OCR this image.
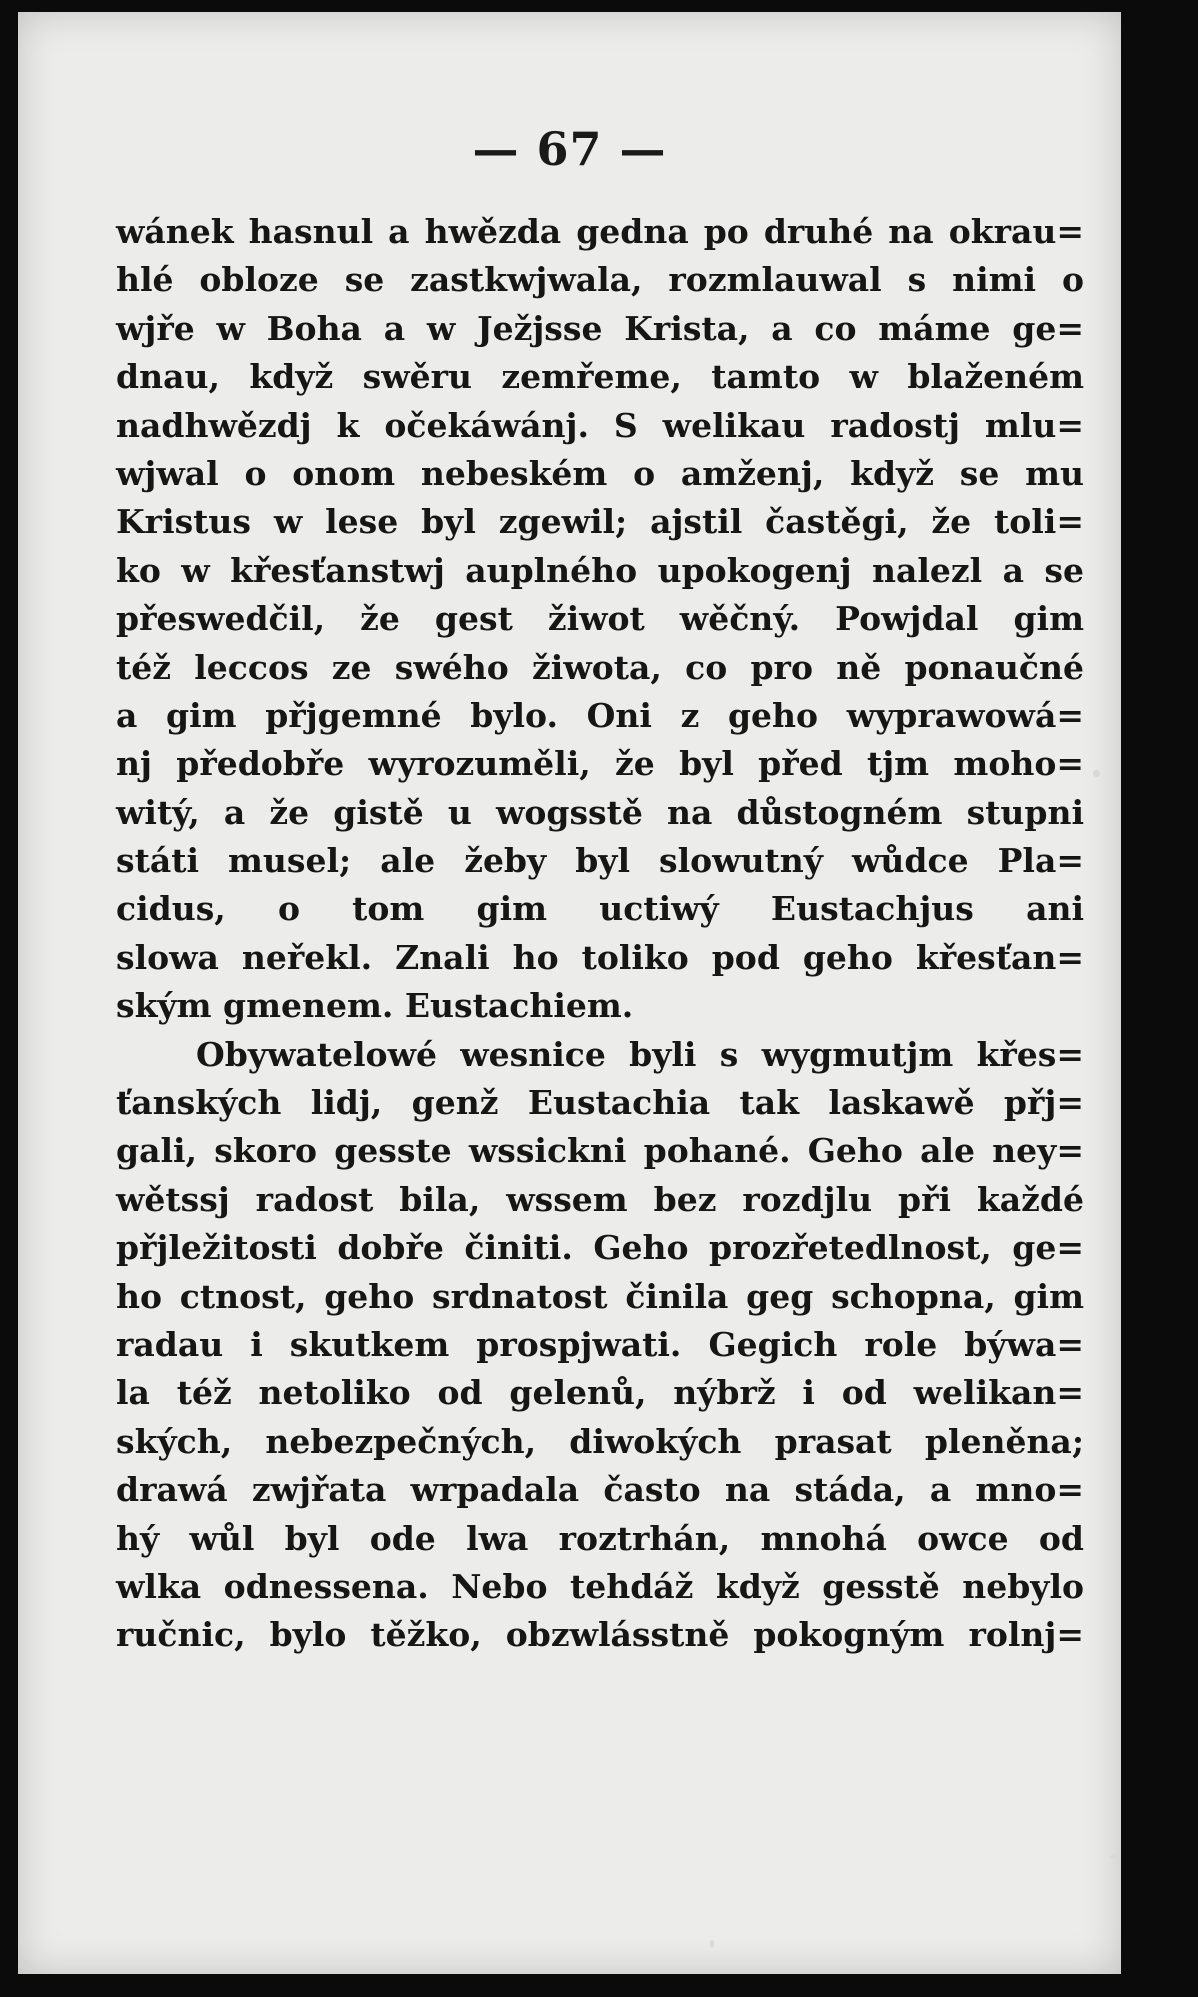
— 67 —
wánek hasnul a hwězda gedna po druhé na okrau=
hlé obloze se zastkwjwala, rozmlauwal s nimi o
wjře w Boha a w Ježjsse Krista, a co máme ge=
dnau, když swěru zemřeme, tamto w blaženém
nadhwězdj k očekáwánj. S welikau radostj mlu=
wjwal o onom nebeském o amženj, když se mu
Kristus w lese byl zgewil; ajstil častěgi, že toli=
ko w křesťanstwj auplného upokogenj nalezl a se
přeswedčil, že gest žiwot wěčný. Powjdal gim
též leccos ze swého žiwota, co pro ně ponaučné
a gim přjgemné bylo. Oni z geho wyprawowá=
nj předobře wyrozuměli, že byl před tjm moho=
witý, a že gistě u wogsstě na důstogném stupni
státi musel; ale žeby byl slowutný wůdce Pla=
cidus, o tom gim uctiwý Eustachjus ani
slowa neřekl. Znali ho toliko pod geho křesťan=
ským gmenem. Eustachiem.
Obywatelowé wesnice byli s wygmutjm křes=
ťanských lidj, genž Eustachia tak laskawě přj=
gali, skoro gesste wssickni pohané. Geho ale ney=
wětssj radost bila, wssem bez rozdjlu při každé
přjležitosti dobře činiti. Geho prozřetedlnost, ge=
ho ctnost, geho srdnatost činila geg schopna, gim
radau i skutkem prospjwati. Gegich role býwa=
la též netoliko od gelenů, nýbrž i od welikan=
ských, nebezpečných, diwokých prasat pleněna;
drawá zwjřata wrpadala často na stáda, a mno=
hý wůl byl ode lwa roztrhán, mnohá owce od
wlka odnessena. Nebo tehdáž když gesstě nebylo
ručnic, bylo těžko, obzwlásstně pokogným rolnj=
